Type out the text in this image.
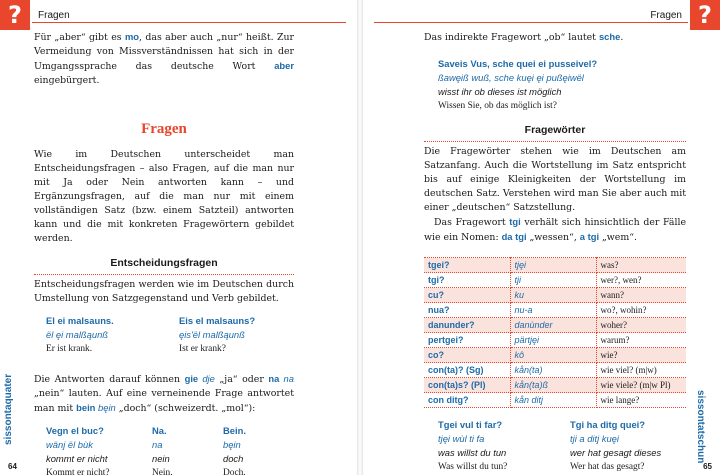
?	Fragen
sissontaquater
64

Für „aber“ gibt es mo, das aber auch „nur“ heißt. Zur Vermeidung von Missverständnissen hat sich in der Umgangssprache das deutsche Wort aber eingebürgert.

Fragen

Wie im Deutschen unterscheidet man Entscheidungsfragen – also Fragen, auf die man nur mit Ja oder Nein antworten kann – und Ergänzungsfragen, auf die man nur mit einem vollständigen Satz (bzw. einem Satzteil) antworten kann und die mit konkreten Fragewörtern gebildet werden.

Entscheidungsfragen

Entscheidungsfragen werden wie im Deutschen durch Umstellung von Satzgegenstand und Verb gebildet.

El ei malsauns.
ël ęi malßąunß
Er ist krank.
Eis el malsauns?
ęis'ël malßąunß
Ist er krank?

Die Antworten darauf können gie dje „ja“ oder na na „nein“ lauten. Auf eine verneinende Frage antwortet man mit bein bęin „doch“ (schweizerdt. „mol“):

Vegn el buc?
wänj ël bùk
kommt er nicht
Kommt er nicht?
Na.
na
nein
Nein.
Bein.
bęin
doch
Doch.
?
Fragen
65

Das indirekte Fragewort „ob“ lautet sche.

Saveis Vus, sche quei ei pusseivel?
ßawęiß wuß, sche kuęi ęi pußęiwël
wisst ihr ob dieses ist möglich
Wissen Sie, ob das möglich ist?
Fragewörter

Die Fragewörter stehen wie im Deutschen am Satzanfang. Auch die Wortstellung im Satz entspricht bis auf einige Kleinigkeiten der Wortstellung im deutschen Satz. Verstehen wird man Sie aber auch mit einer „deutschen“ Satzstellung.

Das Fragewort tgi verhält sich hinsichtlich der Fälle wie ein Nomen: da tgi „wessen“, a tgi „wem“.

tgei?	tjęi	was?
tgi?	tji	wer?, wen?
cu?	ku	wann?
nua?	nu-a	wo?, wohin?
danunder?	danùnder	woher?
pertgei?	pärtjęi	warum?
co?	kô	wie?
con(ta)? (Sg)	kån(ta)	wie viel? (m|w)
con(ta)s? (Pl)	kån(ta)ß	wie viele? (m|w Pl)
con ditg?	kån ditj	wie lange?
Tgei vul ti far?
tjęi wùl ti fa
was willst du tun
Was willst du tun?
Tgi ha ditg quei?
tji a ditj kuęi
wer hat gesagt dieses
Wer hat das gesagt?
sissontatschun
